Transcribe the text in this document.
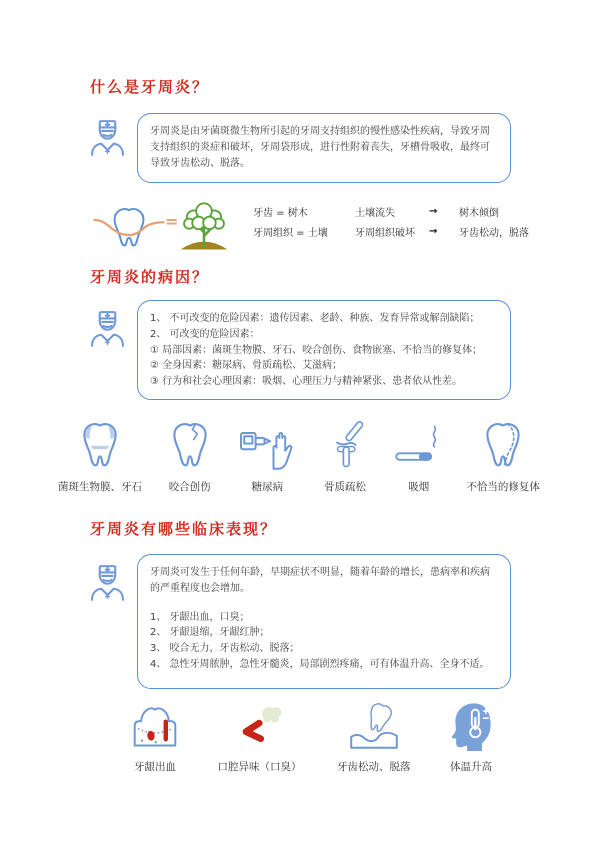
什么是牙周炎？
牙周炎是由牙菌斑微生物所引起的牙周支持组织的慢性感染性疾病，导致牙周支持组织的炎症和破坏，牙周袋形成，进行性附着丧失，牙槽骨吸收，最终可导致牙齿松动、脱落。
=	牙齿 = 树木	土壤流失	→	树木倾倒
牙周组织 = 土壤	牙周组织破坏	→	牙齿松动，脱落
牙周炎的病因？
1、 不可改变的危险因素：遗传因素、老龄、种族、发育异常或解剖缺陷；
2、 可改变的危险因素：
① 局部因素：菌斑生物膜、牙石、咬合创伤、食物嵌塞、不恰当的修复体；
② 全身因素：糖尿病、骨质疏松、艾滋病；
③ 行为和社会心理因素：吸烟、心理压力与精神紧张、患者依从性差。
菌斑生物膜、牙石	咬合创伤	糖尿病	骨质疏松	吸烟	不恰当的修复体
牙周炎有哪些临床表现？
牙周炎可发生于任何年龄，早期症状不明显，随着年龄的增长，患病率和疾病的严重程度也会增加。
1、 牙龈出血，口臭；
2、 牙龈退缩，牙龈红肿；
3、 咬合无力，牙齿松动、脱落；
4、 急性牙周脓肿，急性牙髓炎，局部剧烈疼痛，可有体温升高、全身不适。
牙龈出血	口腔异味（口臭）	牙齿松动、脱落	体温升高
